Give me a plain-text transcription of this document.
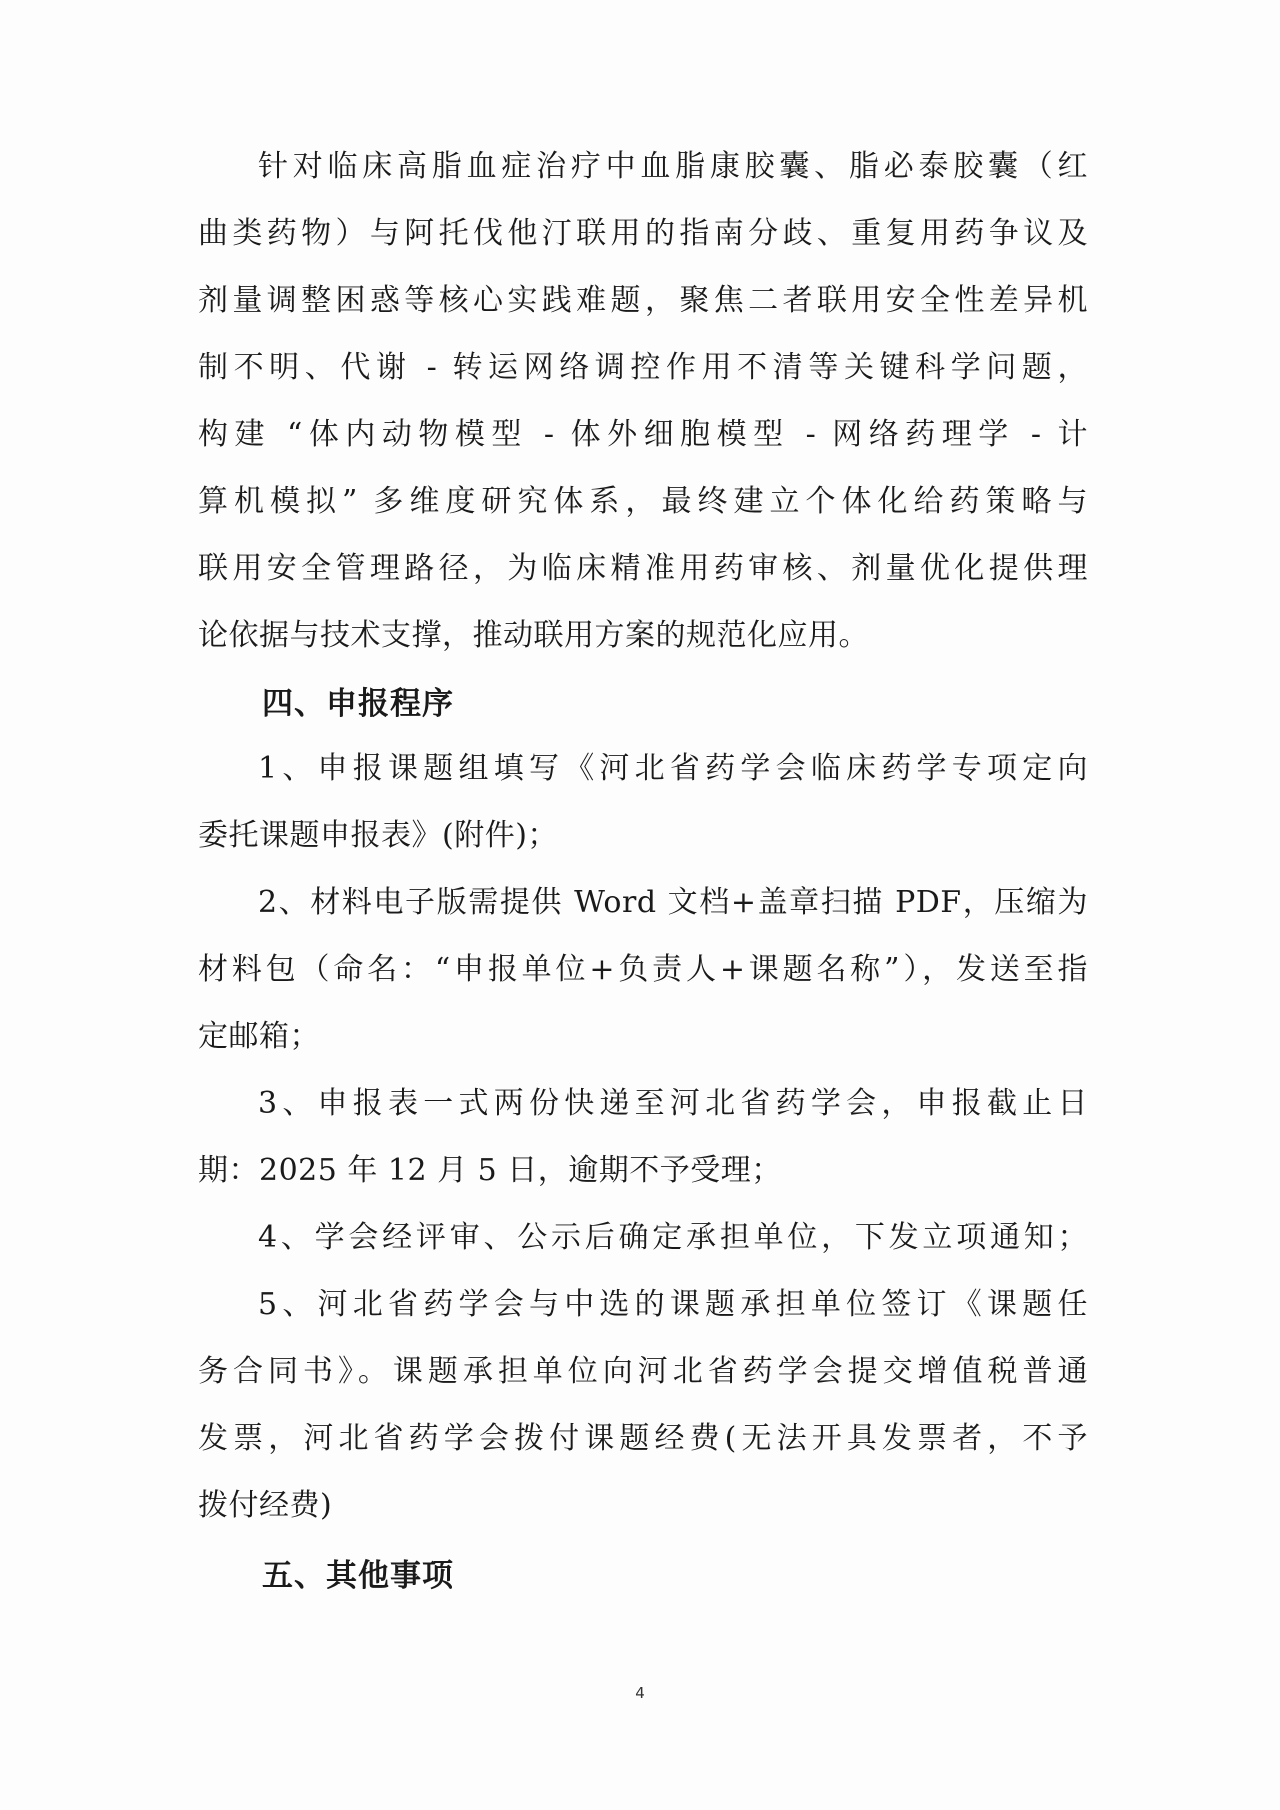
针对临床高脂血症治疗中血脂康胶囊、脂必泰胶囊（红
曲类药物）与阿托伐他汀联用的指南分歧、重复用药争议及
剂量调整困惑等核心实践难题，聚焦二者联用安全性差异机
制不明、代谢 - 转运网络调控作用不清等关键科学问题，
构建 “体内动物模型 - 体外细胞模型 - 网络药理学 - 计
算机模拟” 多维度研究体系，最终建立个体化给药策略与
联用安全管理路径，为临床精准用药审核、剂量优化提供理
论依据与技术支撑，推动联用方案的规范化应用。
四、申报程序
1、申报课题组填写《河北省药学会临床药学专项定向
委托课题申报表》(附件)；
2、材料电子版需提供 Word 文档+盖章扫描 PDF，压缩为
材料包（命名：“申报单位+负责人+课题名称”），发送至指
定邮箱；
3、申报表一式两份快递至河北省药学会，申报截止日
期：2025 年 12 月 5 日，逾期不予受理；
4、学会经评审、公示后确定承担单位，下发立项通知；
5、河北省药学会与中选的课题承担单位签订《课题任
务合同书》。课题承担单位向河北省药学会提交增值税普通
发票，河北省药学会拨付课题经费(无法开具发票者，不予
拨付经费)
五、其他事项
4
